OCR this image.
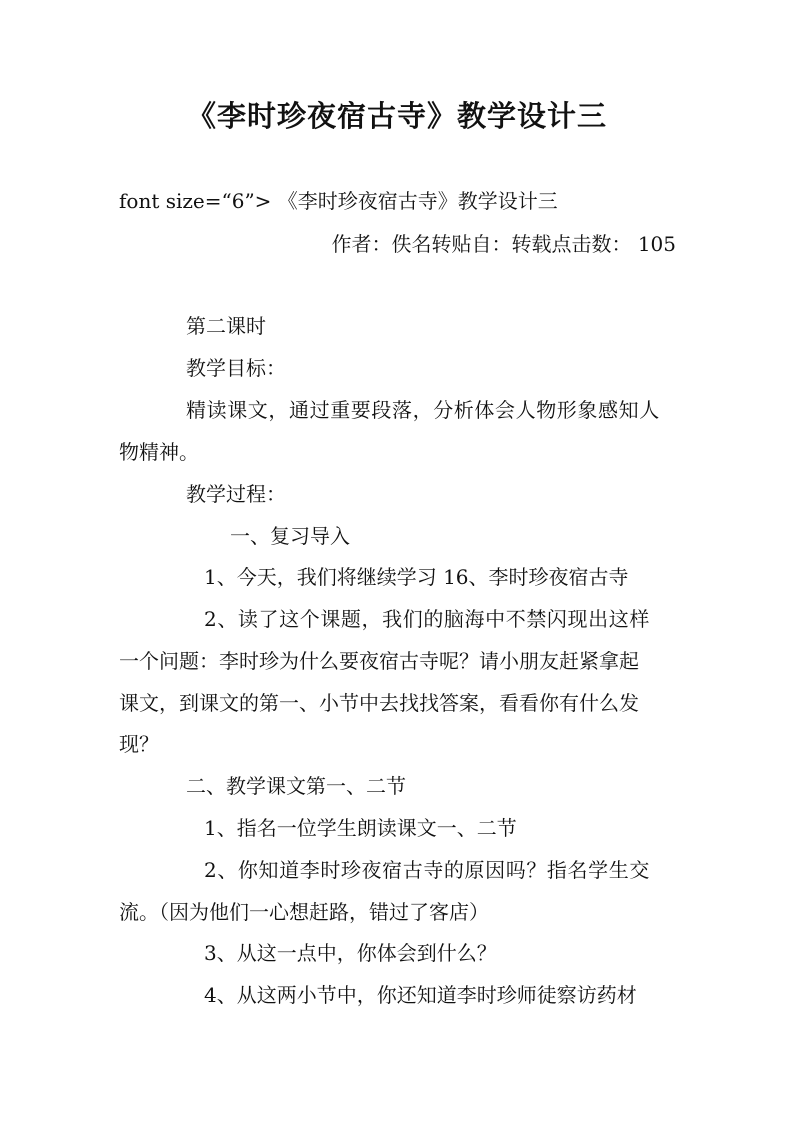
《李时珍夜宿古寺》教学设计三
font size=“6”> 《李时珍夜宿古寺》教学设计三
作者：佚名转贴自：转载点击数： 105
第二课时
教学目标：
精读课文，通过重要段落，分析体会人物形象感知人
物精神。
教学过程：
一、复习导入
1、今天，我们将继续学习 16、李时珍夜宿古寺
2、读了这个课题，我们的脑海中不禁闪现出这样
一个问题：李时珍为什么要夜宿古寺呢？请小朋友赶紧拿起
课文，到课文的第一、小节中去找找答案，看看你有什么发
现？
二、教学课文第一、二节
1、指名一位学生朗读课文一、二节
2、你知道李时珍夜宿古寺的原因吗？指名学生交
流。（因为他们一心想赶路，错过了客店）
3、从这一点中，你体会到什么？
4、从这两小节中，你还知道李时珍师徒察访药材
